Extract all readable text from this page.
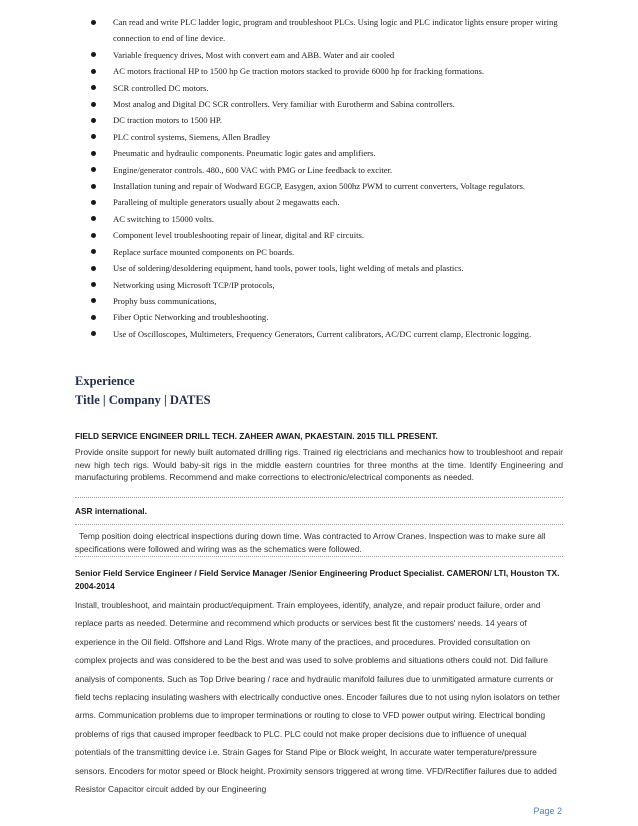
Can read and write PLC ladder logic, program and troubleshoot PLCs. Using logic and PLC indicator lights ensure proper wiring connection to end of line device.
Variable frequency drives, Most with convert eam and ABB. Water and air cooled
AC motors fractional HP to 1500 hp Ge traction motors stacked to provide 6000 hp for fracking formations.
SCR controlled DC motors.
Most analog and Digital DC SCR controllers. Very familiar with Eurotherm and Sabina controllers.
DC traction motors to 1500 HP.
PLC control systems, Siemens, Allen Bradley
Pneumatic and hydraulic components. Pneumatic logic gates and amplifiers.
Engine/generator controls. 480., 600 VAC with PMG or Line feedback to exciter.
Installation tuning and repair of Wodward EGCP, Easygen, axion 500hz PWM to current converters, Voltage regulators.
Paralleing of multiple generators usually about 2 megawatts each.
AC switching to 15000 volts.
Component level troubleshooting repair of linear, digital and RF circuits.
Replace surface mounted components on PC boards.
Use of soldering/desoldering equipment, hand tools, power tools, light welding of metals and plastics.
Networking using Microsoft TCP/IP protocols,
Prophy buss communications,
Fiber Optic Networking and troubleshooting.
Use of Oscilloscopes, Multimeters, Frequency Generators, Current calibrators, AC/DC current clamp, Electronic logging.
Experience
Title | Company | DATES
FIELD SERVICE ENGINEER DRILL TECH. ZAHEER AWAN, PKAESTAIN. 2015 TILL PRESENT.
Provide onsite support for newly built automated drilling rigs. Trained rig electricians and mechanics how to troubleshoot and repair new high tech rigs. Would baby-sit rigs in the middle eastern countries for three months at the time. Identify Engineering and manufacturing problems. Recommend and make corrections to electronic/electrical components as needed.
ASR international.
Temp position doing electrical inspections during down time. Was contracted to Arrow Cranes. Inspection was to make sure all specifications were followed and wiring was as the schematics were followed.
Senior Field Service Engineer / Field Service Manager /Senior Engineering Product Specialist. CAMERON/ LTI, Houston TX. 2004-2014
Install, troubleshoot, and maintain product/equipment. Train employees, identify, analyze, and repair product failure, order and replace parts as needed. Determine and recommend which products or services best fit the customers' needs. 14 years of experience in the Oil field. Offshore and Land Rigs. Wrote many of the practices, and procedures. Provided consultation on complex projects and was considered to be the best and was used to solve problems and situations others could not. Did failure analysis of components. Such as Top Drive bearing / race and hydraulic manifold failures due to unmitigated armature currents or field techs replacing insulating washers with electrically conductive ones. Encoder failures due to not using nylon isolators on tether arms. Communication problems due to improper terminations or routing to close to VFD power output wiring. Electrical bonding problems of rigs that caused improper feedback to PLC. PLC could not make proper decisions due to influence of unequal potentials of the transmitting device i.e. Strain Gages for Stand Pipe or Block weight, In accurate water temperature/pressure sensors. Encoders for motor speed or Block height. Proximity sensors triggered at wrong time. VFD/Rectifier failures due to added Resistor Capacitor circuit added by our Engineering
Page 2
